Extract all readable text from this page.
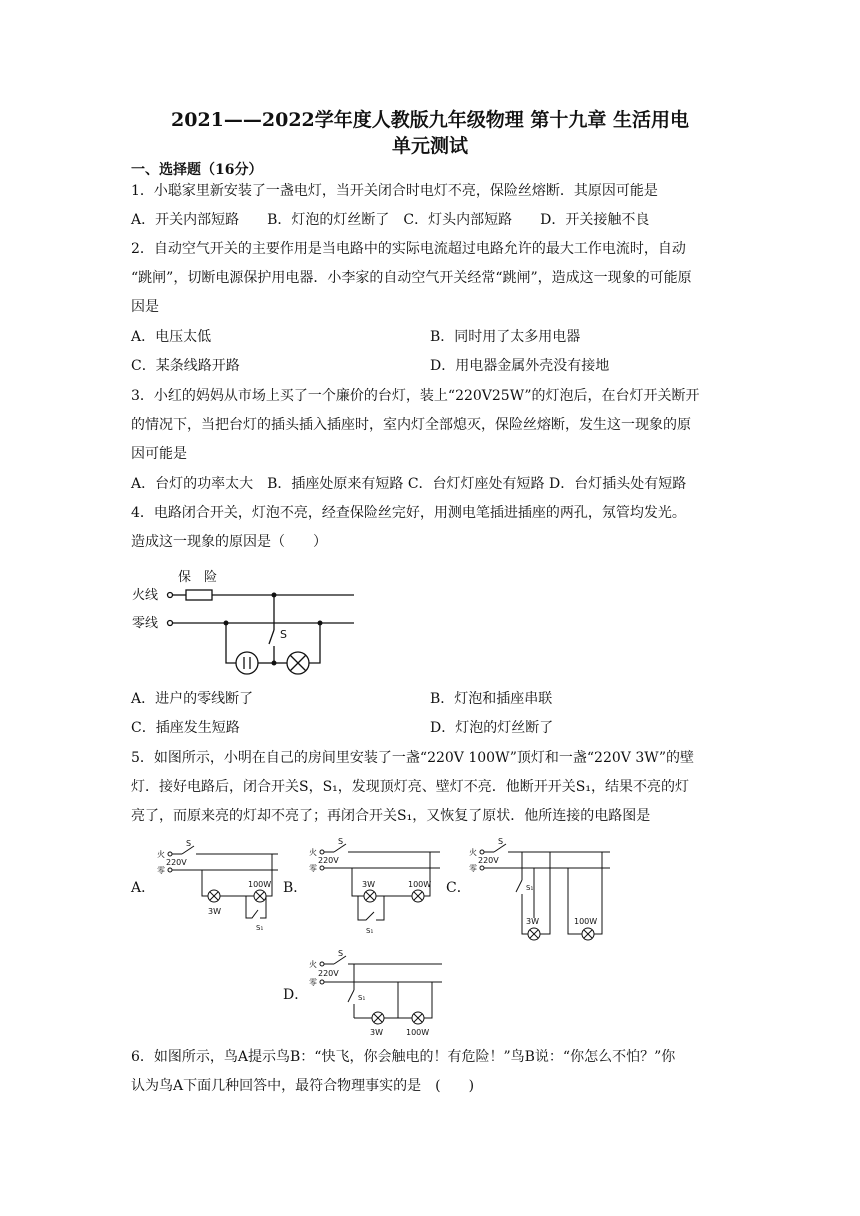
2021——2022学年度人教版九年级物理 第十九章 生活用电
单元测试
一、选择题（16分）
1．小聪家里新安装了一盏电灯，当开关闭合时电灯不亮，保险丝熔断．其原因可能是
A．开关内部短路　　B．灯泡的灯丝断了　C．灯头内部短路　　D．开关接触不良
2．自动空气开关的主要作用是当电路中的实际电流超过电路允许的最大工作电流时，自动
“跳闸”，切断电源保护用电器．小李家的自动空气开关经常“跳闸”，造成这一现象的可能原
因是
A．电压太低	B．同时用了太多用电器
C．某条线路开路	D．用电器金属外壳没有接地
3．小红的妈妈从市场上买了一个廉价的台灯，装上“220V25W”的灯泡后，在台灯开关断开
的情况下，当把台灯的插头插入插座时，室内灯全部熄灭，保险丝熔断，发生这一现象的原
因可能是
A．台灯的功率太大　B．插座处原来有短路 C．台灯灯座处有短路 D．台灯插头处有短路
4．电路闭合开关，灯泡不亮，经查保险丝完好，用测电笔插进插座的两孔，氖管均发光。
造成这一现象的原因是（　　）
火线
零线
保　险
S
A．进户的零线断了	B．灯泡和插座串联
C．插座发生短路	D．灯泡的灯丝断了
5．如图所示，小明在自己的房间里安装了一盏“220V 100W”顶灯和一盏“220V 3W”的壁
灯．接好电路后，闭合开关S，S₁，发现顶灯亮、壁灯不亮．他断开开关S₁，结果不亮的灯
亮了，而原来亮的灯却不亮了；再闭合开关S₁，又恢复了原状．他所连接的电路图是
A．	B．	C．
D．
火
零
220V
S
3W
100W
S₁
火
零
220V
S
3W	100W
S₁
火
零
220V
S
S₁
3W	100W
火
零
220V
S
S₁
3W	100W
6．如图所示，鸟A提示鸟B：“快飞，你会触电的！有危险！”鸟B说：“你怎么不怕？”你
认为鸟A下面几种回答中，最符合物理事实的是　(　　)
